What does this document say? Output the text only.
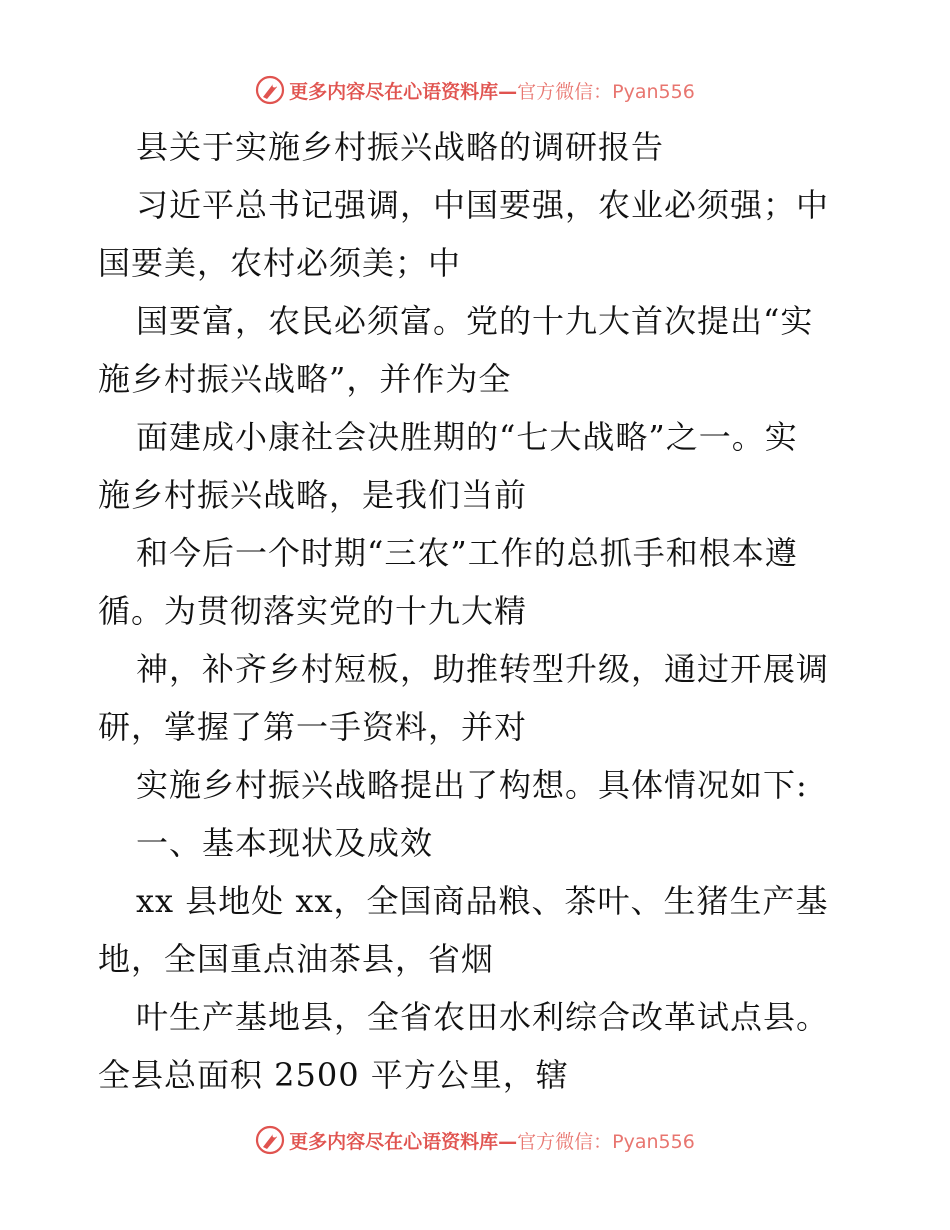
更多内容尽在心语资料库—官方微信：Pyan556
县关于实施乡村振兴战略的调研报告
习近平总书记强调，中国要强，农业必须强；中
国要美，农村必须美；中
国要富，农民必须富。党的十九大首次提出“实
施乡村振兴战略”，并作为全
面建成小康社会决胜期的“七大战略”之一。实
施乡村振兴战略，是我们当前
和今后一个时期“三农”工作的总抓手和根本遵
循。为贯彻落实党的十九大精
神，补齐乡村短板，助推转型升级，通过开展调
研，掌握了第一手资料，并对
实施乡村振兴战略提出了构想。具体情况如下:
一、基本现状及成效
xx 县地处 xx，全国商品粮、茶叶、生猪生产基
地，全国重点油茶县，省烟
叶生产基地县，全省农田水利综合改革试点县。
全县总面积 2500 平方公里，辖
更多内容尽在心语资料库—官方微信：Pyan556
